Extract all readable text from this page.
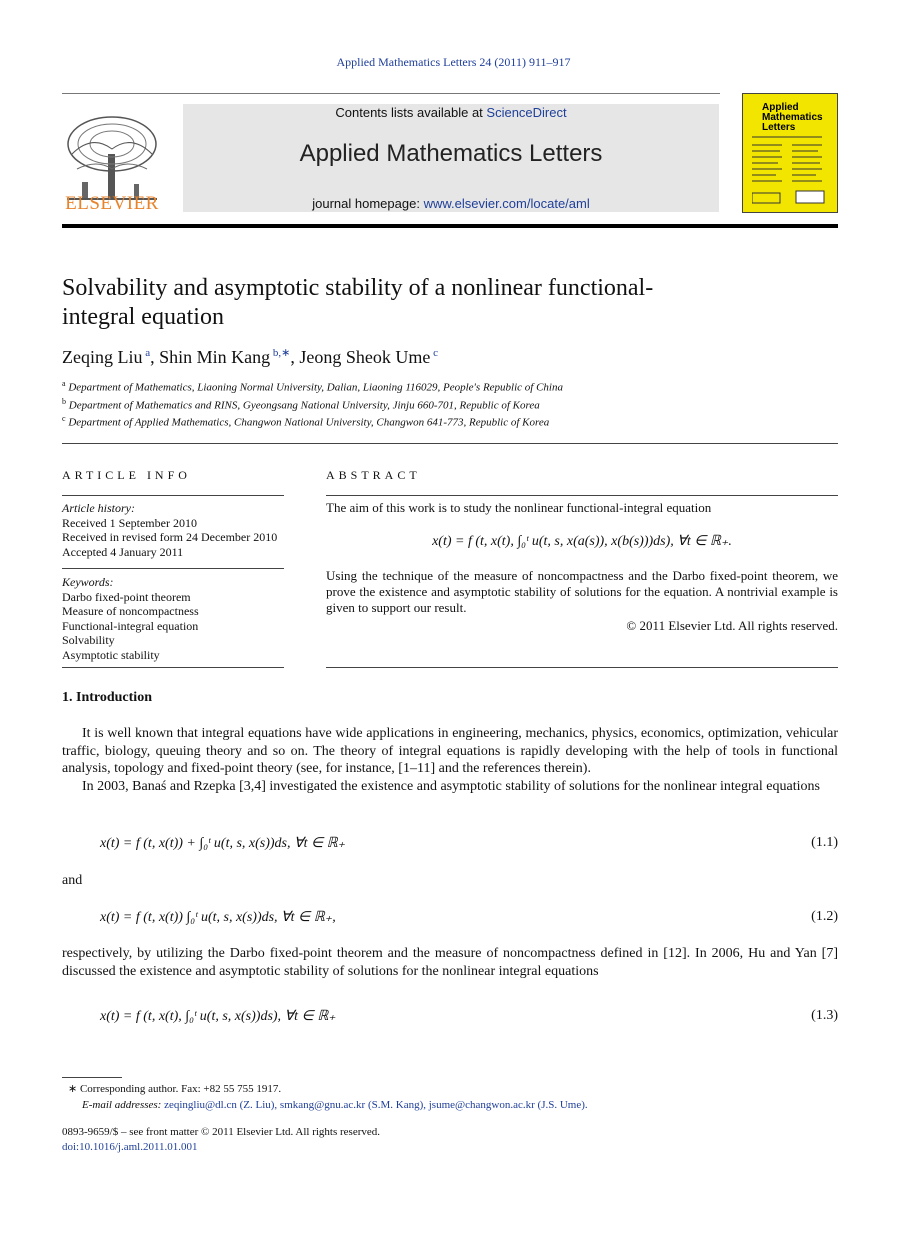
Applied Mathematics Letters 24 (2011) 911–917
Contents lists available at ScienceDirect
Applied Mathematics Letters
journal homepage: www.elsevier.com/locate/aml
ELSEVIER
Applied Mathematics Letters
Solvability and asymptotic stability of a nonlinear functional-integral equation
Zeqing Liu $^a$, Shin Min Kang $^{b,∗}$, Jeong Sheok Ume $^c$
$^a$ Department of Mathematics, Liaoning Normal University, Dalian, Liaoning 116029, People's Republic of China
$^b$ Department of Mathematics and RINS, Gyeongsang National University, Jinju 660-701, Republic of Korea
$^c$ Department of Applied Mathematics, Changwon National University, Changwon 641-773, Republic of Korea
ARTICLE INFO
Article history:
Received 1 September 2010
Received in revised form 24 December 2010
Accepted 4 January 2011
Keywords:
Darbo fixed-point theorem
Measure of noncompactness
Functional-integral equation
Solvability
Asymptotic stability
ABSTRACT
The aim of this work is to study the nonlinear functional-integral equation
x(t) = f (t, x(t), ∫₀ᵗ u(t, s, x(a(s)), x(b(s)))ds), ∀t ∈ ℝ₊.
Using the technique of the measure of noncompactness and the Darbo fixed-point theorem, we prove the existence and asymptotic stability of solutions for the equation. A nontrivial example is given to support our result.
© 2011 Elsevier Ltd. All rights reserved.
1. Introduction
It is well known that integral equations have wide applications in engineering, mechanics, physics, economics, optimization, vehicular traffic, biology, queuing theory and so on. The theory of integral equations is rapidly developing with the help of tools in functional analysis, topology and fixed-point theory (see, for instance, [1–11] and the references therein).
In 2003, Banaś and Rzepka [3,4] investigated the existence and asymptotic stability of solutions for the nonlinear integral equations
x(t) = f (t, x(t)) + ∫₀ᵗ u(t, s, x(s))ds, ∀t ∈ ℝ₊	(1.1)
and
x(t) = f (t, x(t)) ∫₀ᵗ u(t, s, x(s))ds, ∀t ∈ ℝ₊,	(1.2)
respectively, by utilizing the Darbo fixed-point theorem and the measure of noncompactness defined in [12]. In 2006, Hu and Yan [7] discussed the existence and asymptotic stability of solutions for the nonlinear integral equations
x(t) = f (t, x(t), ∫₀ᵗ u(t, s, x(s))ds), ∀t ∈ ℝ₊	(1.3)
∗ Corresponding author. Fax: +82 55 755 1917.
E-mail addresses: zeqingliu@dl.cn (Z. Liu), smkang@gnu.ac.kr (S.M. Kang), jsume@changwon.ac.kr (J.S. Ume).
0893-9659/$ – see front matter © 2011 Elsevier Ltd. All rights reserved.
doi:10.1016/j.aml.2011.01.001
